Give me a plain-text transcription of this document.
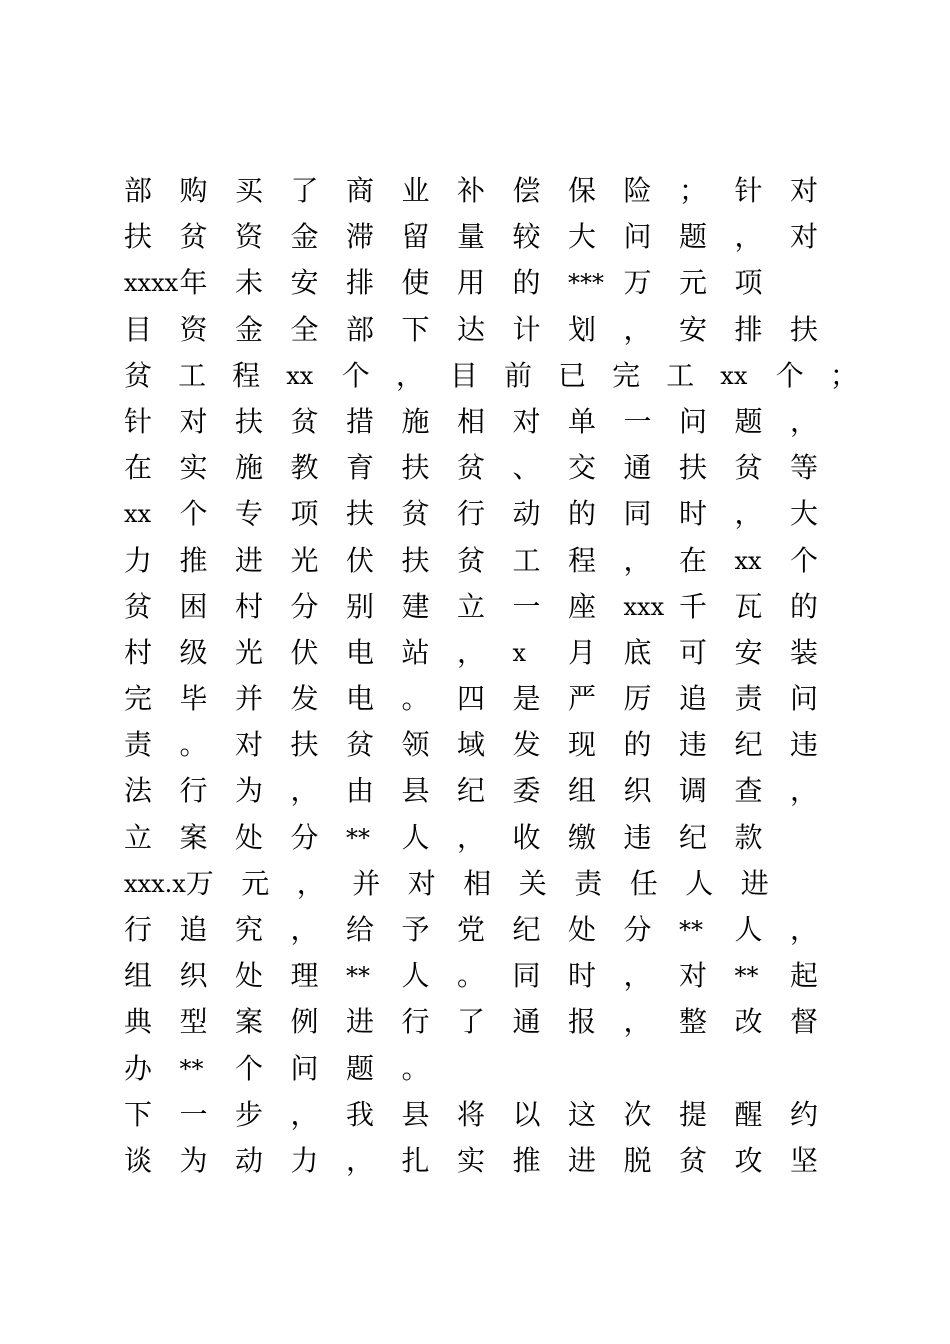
部 购 买 了 商 业 补 偿 保 险 ； 针 对
扶 贫 资 金 滞 留 量 较 大 问 题 ， 对
xxxx 年 未 安 排 使 用 的	*** 万 元 项
目 资 金 全 部 下 达 计 划 ， 安 排 扶
贫 工 程	xx	个 ， 目 前 已 完 工	xx	个 ；
针 对 扶 贫 措 施 相 对 单 一 问 题 ，
在 实 施 教 育 扶 贫 、 交 通 扶 贫 等
xx	个 专 项 扶 贫 行 动 的 同 时 ， 大
力 推 进 光 伏 扶 贫 工 程 ， 在	xx	个
贫 困 村 分 别 建 立 一 座	xxx 千 瓦 的
村 级 光 伏 电 站 ，	x	月 底 可 安 装
完 毕 并 发 电 。 四 是 严 厉 追 责 问
责 。 对 扶 贫 领 域 发 现 的 违 纪 违
法 行 为 ， 由 县 纪 委 组 织 调 查 ，
立 案 处 分	**	人 ， 收 缴 违 纪 款
xxx.x 万 元 ， 并 对 相 关 责 任 人 进
行 追 究 ， 给 予 党 纪 处 分	**	人 ，
组 织 处 理	**	人 。 同 时 ， 对	**	起
典 型 案 例 进 行 了 通 报 ， 整 改 督
办	**	个 问 题 。
下 一 步 ， 我 县 将 以 这 次 提 醒 约
谈 为 动 力 ， 扎 实 推 进 脱 贫 攻 坚
